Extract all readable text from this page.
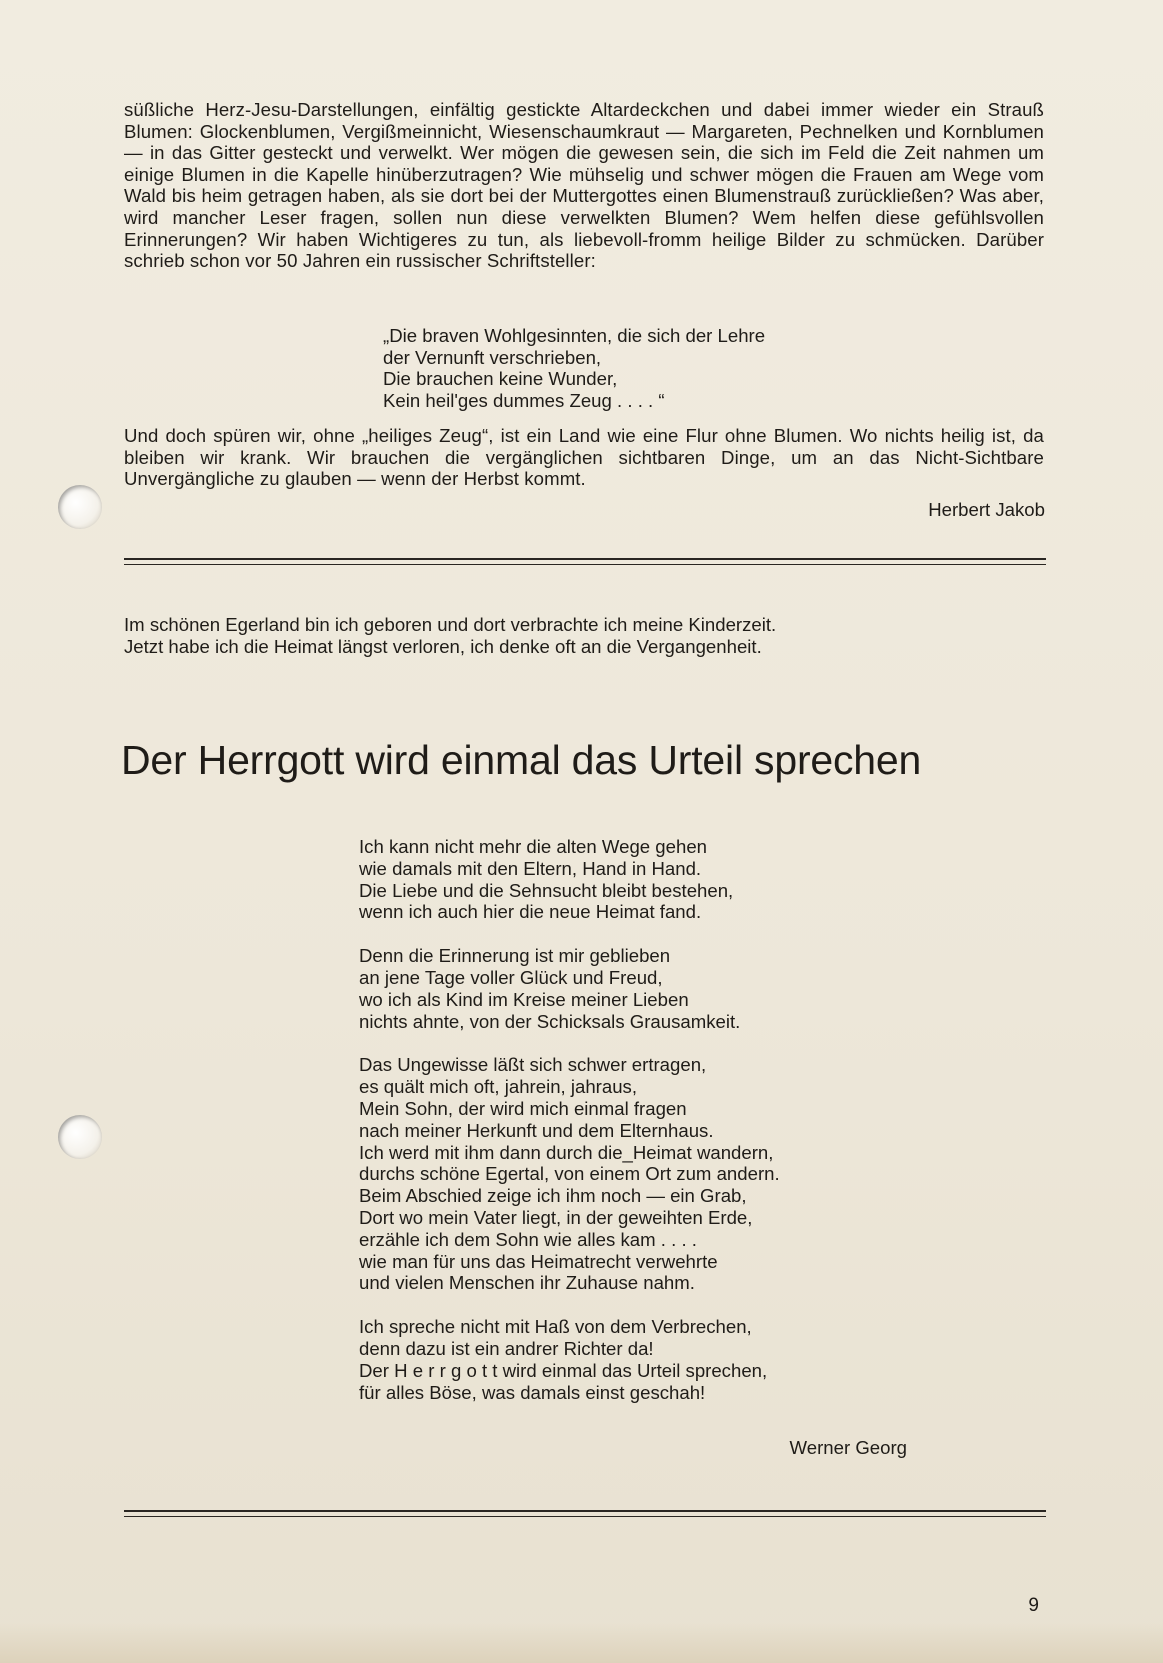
süßliche Herz-Jesu-Darstellungen, einfältig gestickte Altardeckchen und dabei immer wieder ein Strauß Blumen: Glockenblumen, Vergißmeinnicht, Wiesenschaumkraut — Margareten, Pechnelken und Kornblumen — in das Gitter gesteckt und verwelkt. Wer mögen die gewesen sein, die sich im Feld die Zeit nahmen um einige Blumen in die Kapelle hinüberzutragen? Wie mühselig und schwer mögen die Frauen am Wege vom Wald bis heim getragen haben, als sie dort bei der Muttergottes einen Blumenstrauß zurückließen? Was aber, wird mancher Leser fragen, sollen nun diese verwelkten Blumen? Wem helfen diese gefühlsvollen Erinnerungen? Wir haben Wichtigeres zu tun, als liebevoll-fromm heilige Bilder zu schmücken. Darüber schrieb schon vor 50 Jahren ein russischer Schriftsteller:

„Die braven Wohlgesinnten, die sich der Lehre
der Vernunft verschrieben,
Die brauchen keine Wunder,
Kein heil'ges dummes Zeug . . . . “

Und doch spüren wir, ohne „heiliges Zeug“, ist ein Land wie eine Flur ohne Blumen. Wo nichts heilig ist, da bleiben wir krank. Wir brauchen die vergänglichen sichtbaren Dinge, um an das Nicht-Sichtbare Unvergängliche zu glauben — wenn der Herbst kommt.

Herbert Jakob
Im schönen Egerland bin ich geboren und dort verbrachte ich meine Kinderzeit.
Jetzt habe ich die Heimat längst verloren, ich denke oft an die Vergangenheit.
Der Herrgott wird einmal das Urteil sprechen
Ich kann nicht mehr die alten Wege gehen
wie damals mit den Eltern, Hand in Hand.
Die Liebe und die Sehnsucht bleibt bestehen,
wenn ich auch hier die neue Heimat fand.
Denn die Erinnerung ist mir geblieben
an jene Tage voller Glück und Freud,
wo ich als Kind im Kreise meiner Lieben
nichts ahnte, von der Schicksals Grausamkeit.
Das Ungewisse läßt sich schwer ertragen,
es quält mich oft, jahrein, jahraus,
Mein Sohn, der wird mich einmal fragen
nach meiner Herkunft und dem Elternhaus.
Ich werd mit ihm dann durch die_Heimat wandern,
durchs schöne Egertal, von einem Ort zum andern.
Beim Abschied zeige ich ihm noch — ein Grab,
Dort wo mein Vater liegt, in der geweihten Erde,
erzähle ich dem Sohn wie alles kam . . . .
wie man für uns das Heimatrecht verwehrte
und vielen Menschen ihr Zuhause nahm.
Ich spreche nicht mit Haß von dem Verbrechen,
denn dazu ist ein andrer Richter da!
Der H e r r g o t t wird einmal das Urteil sprechen,
für alles Böse, was damals einst geschah!
Werner Georg
9
